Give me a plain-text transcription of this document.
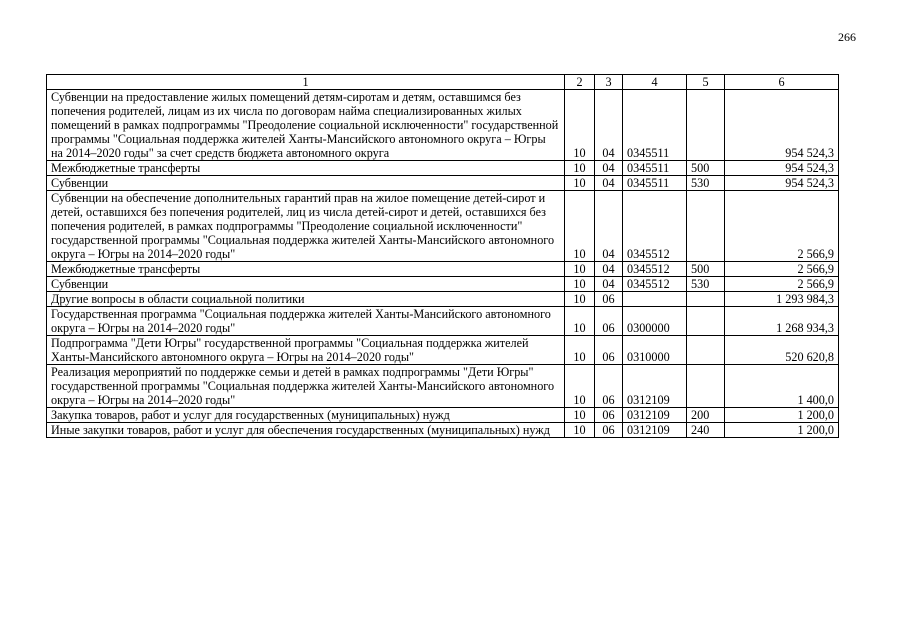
266
1	2	3	4	5	6
Субвенции на предоставление жилых помещений детям-сиротам и детям, оставшимся без попечения родителей, лицам из их числа по договорам найма специализированных жилых помещений в рамках подпрограммы "Преодоление социальной исключенности" государственной программы "Социальная поддержка жителей Ханты-Мансийского автономного округа – Югры на 2014–2020 годы" за счет средств бюджета автономного округа	10	04	0345511		954 524,3
Межбюджетные трансферты	10	04	0345511	500	954 524,3
Субвенции	10	04	0345511	530	954 524,3
Субвенции на обеспечение дополнительных гарантий прав на жилое помещение детей-сирот и детей, оставшихся без попечения родителей, лиц из числа детей-сирот и детей, оставшихся без попечения родителей, в рамках подпрограммы "Преодоление социальной исключенности" государственной программы "Социальная поддержка жителей Ханты-Мансийского автономного округа – Югры на 2014–2020 годы"	10	04	0345512		2 566,9
Межбюджетные трансферты	10	04	0345512	500	2 566,9
Субвенции	10	04	0345512	530	2 566,9
Другие вопросы в области социальной политики	10	06			1 293 984,3
Государственная программа "Социальная поддержка жителей Ханты-Мансийского автономного округа – Югры на 2014–2020 годы"	10	06	0300000		1 268 934,3
Подпрограмма "Дети Югры" государственной программы "Социальная поддержка жителей Ханты-Мансийского автономного округа – Югры на 2014–2020 годы"	10	06	0310000		520 620,8
Реализация мероприятий по поддержке семьи и детей в рамках подпрограммы "Дети Югры" государственной программы "Социальная поддержка жителей Ханты-Мансийского автономного округа – Югры на 2014–2020 годы"	10	06	0312109		1 400,0
Закупка товаров, работ и услуг для государственных (муниципальных) нужд	10	06	0312109	200	1 200,0
Иные закупки товаров, работ и услуг для обеспечения государственных (муниципальных) нужд	10	06	0312109	240	1 200,0
